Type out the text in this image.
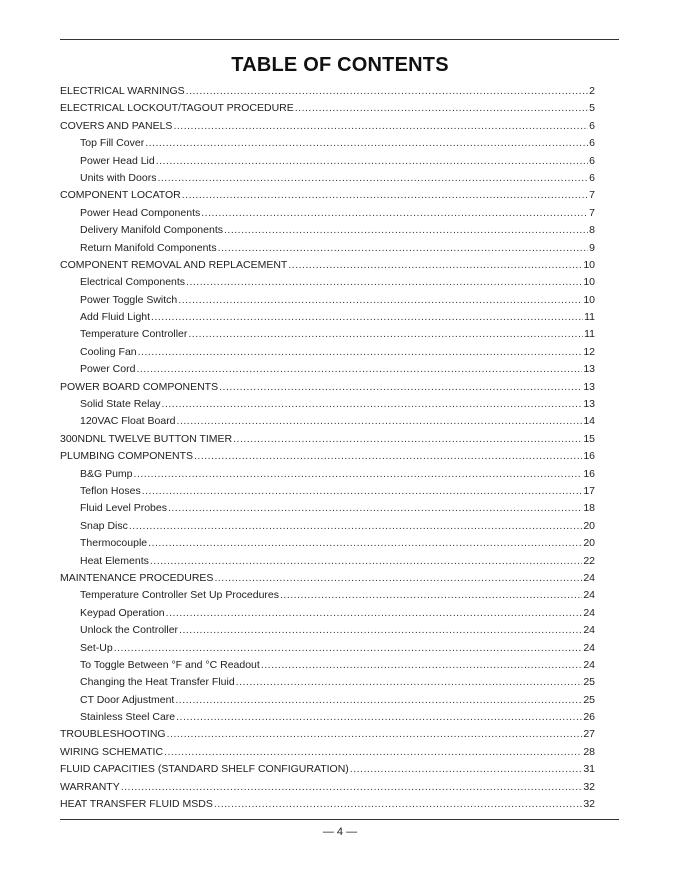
TABLE OF CONTENTS
ELECTRICAL WARNINGS .....	2
ELECTRICAL LOCKOUT/TAGOUT PROCEDURE .....	5
COVERS AND PANELS .....	6
Top Fill Cover .....	6
Power Head Lid .....	6
Units with Doors .....	6
COMPONENT LOCATOR .....	7
Power Head Components .....	7
Delivery Manifold Components .....	8
Return Manifold Components .....	9
COMPONENT REMOVAL AND REPLACEMENT .....	10
Electrical Components .....	10
Power Toggle Switch .....	10
Add Fluid Light .....	11
Temperature Controller .....	11
Cooling Fan .....	12
Power Cord .....	13
POWER BOARD COMPONENTS .....	13
Solid State Relay .....	13
120VAC Float Board .....	14
300NDNL TWELVE BUTTON TIMER .....	15
PLUMBING COMPONENTS .....	16
B&G Pump .....	16
Teflon Hoses .....	17
Fluid Level Probes .....	18
Snap Disc .....	20
Thermocouple .....	20
Heat Elements .....	22
MAINTENANCE PROCEDURES .....	24
Temperature Controller Set Up Procedures .....	24
Keypad Operation .....	24
Unlock the Controller .....	24
Set-Up .....	24
To Toggle Between °F and °C Readout .....	24
Changing the Heat Transfer Fluid .....	25
CT Door Adjustment .....	25
Stainless Steel Care .....	26
TROUBLESHOOTING .....	27
WIRING SCHEMATIC .....	28
FLUID CAPACITIES (STANDARD SHELF CONFIGURATION) .....	31
WARRANTY .....	32
HEAT TRANSFER FLUID MSDS .....	32
— 4 —
